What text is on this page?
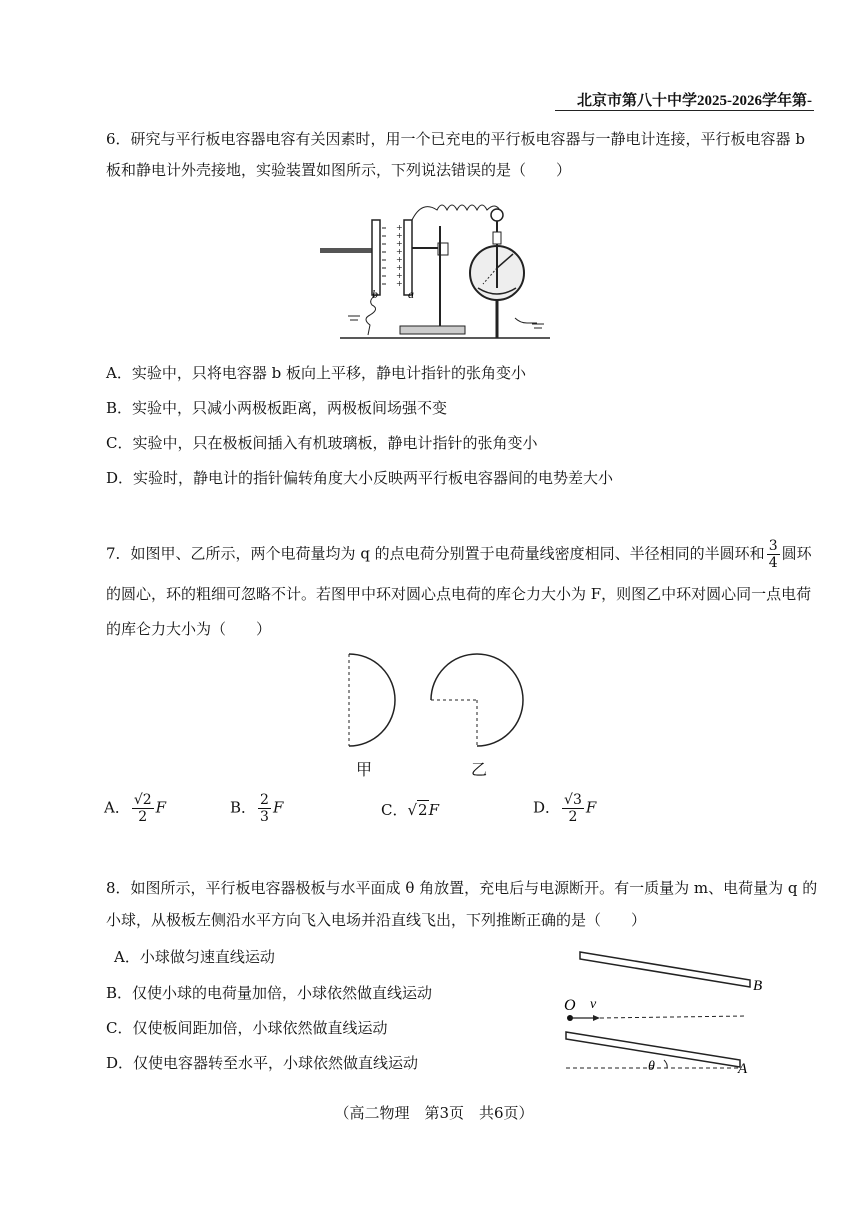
北京市第八十中学2025-2026学年第-
6．研究与平行板电容器电容有关因素时，用一个已充电的平行板电容器与一静电计连接，平行板电容器 b
板和静电计外壳接地，实验装置如图所示，下列说法错误的是（　　）
b
+
+
+
+
+
+
+
+
a
A．实验中，只将电容器 b 板向上平移，静电计指针的张角变小
B．实验中，只减小两极板距离，两极板间场强不变
C．实验中，只在极板间插入有机玻璃板，静电计指针的张角变小
D．实验时，静电计的指针偏转角度大小反映两平行板电容器间的电势差大小
7．如图甲、乙所示，两个电荷量均为 q 的点电荷分别置于电荷量线密度相同、半径相同的半圆环和 $\frac{3}{4}$ 圆环
的圆心，环的粗细可忽略不计。若图甲中环对圆心点电荷的库仑力大小为 F，则图乙中环对圆心同一点电荷
的库仑力大小为（　　）
甲	乙
A． $\frac{√2}{2}$ F	B． $\frac{2}{3}$ F	C．√2F	D． $\frac{√3}{2}$ F
8．如图所示，平行板电容器极板与水平面成 θ 角放置，充电后与电源断开。有一质量为 m、电荷量为 q 的
小球，从极板左侧沿水平方向飞入电场并沿直线飞出，下列推断正确的是（　　）
A．小球做匀速直线运动
B．仅使小球的电荷量加倍，小球依然做直线运动
C．仅使板间距加倍，小球依然做直线运动
D．仅使电容器转至水平，小球依然做直线运动
B
O v
A
θ
（高二物理　第3页　共6页）
